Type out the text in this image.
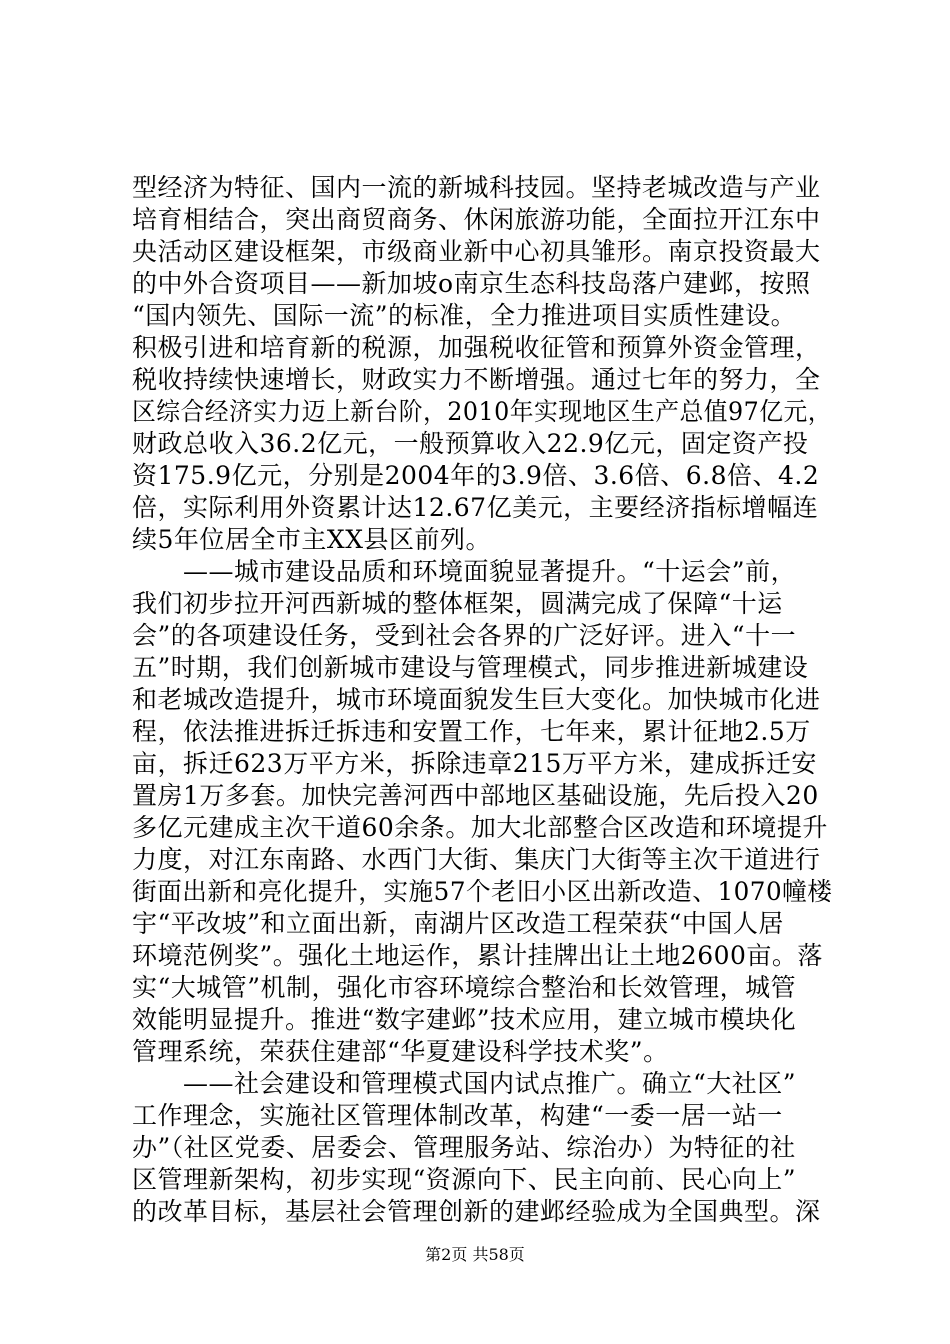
型经济为特征、国内一流的新城科技园。坚持老城改造与产业
培育相结合，突出商贸商务、休闲旅游功能，全面拉开江东中
央活动区建设框架，市级商业新中心初具雏形。南京投资最大
的中外合资项目——新加坡o南京生态科技岛落户建邺，按照
“国内领先、国际一流”的标准，全力推进项目实质性建设。
积极引进和培育新的税源，加强税收征管和预算外资金管理，
税收持续快速增长，财政实力不断增强。通过七年的努力，全
区综合经济实力迈上新台阶，2010年实现地区生产总值97亿元，
财政总收入36.2亿元，一般预算收入22.9亿元，固定资产投
资175.9亿元，分别是2004年的3.9倍、3.6倍、6.8倍、4.2
倍，实际利用外资累计达12.67亿美元，主要经济指标增幅连
续5年位居全市主XX县区前列。
　　——城市建设品质和环境面貌显著提升。“十运会”前，
我们初步拉开河西新城的整体框架，圆满完成了保障“十运
会”的各项建设任务，受到社会各界的广泛好评。进入“十一
五”时期，我们创新城市建设与管理模式，同步推进新城建设
和老城改造提升，城市环境面貌发生巨大变化。加快城市化进
程，依法推进拆迁拆违和安置工作，七年来，累计征地2.5万
亩，拆迁623万平方米，拆除违章215万平方米，建成拆迁安
置房1万多套。加快完善河西中部地区基础设施，先后投入20
多亿元建成主次干道60余条。加大北部整合区改造和环境提升
力度，对江东南路、水西门大街、集庆门大街等主次干道进行
街面出新和亮化提升，实施57个老旧小区出新改造、1070幢楼
宇“平改坡”和立面出新，南湖片区改造工程荣获“中国人居
环境范例奖”。强化土地运作，累计挂牌出让土地2600亩。落
实“大城管”机制，强化市容环境综合整治和长效管理，城管
效能明显提升。推进“数字建邺”技术应用，建立城市模块化
管理系统，荣获住建部“华夏建设科学技术奖”。
　　——社会建设和管理模式国内试点推广。确立“大社区”
工作理念，实施社区管理体制改革，构建“一委一居一站一
办”（社区党委、居委会、管理服务站、综治办）为特征的社
区管理新架构，初步实现“资源向下、民主向前、民心向上”
的改革目标，基层社会管理创新的建邺经验成为全国典型。深
第2页 共58页
